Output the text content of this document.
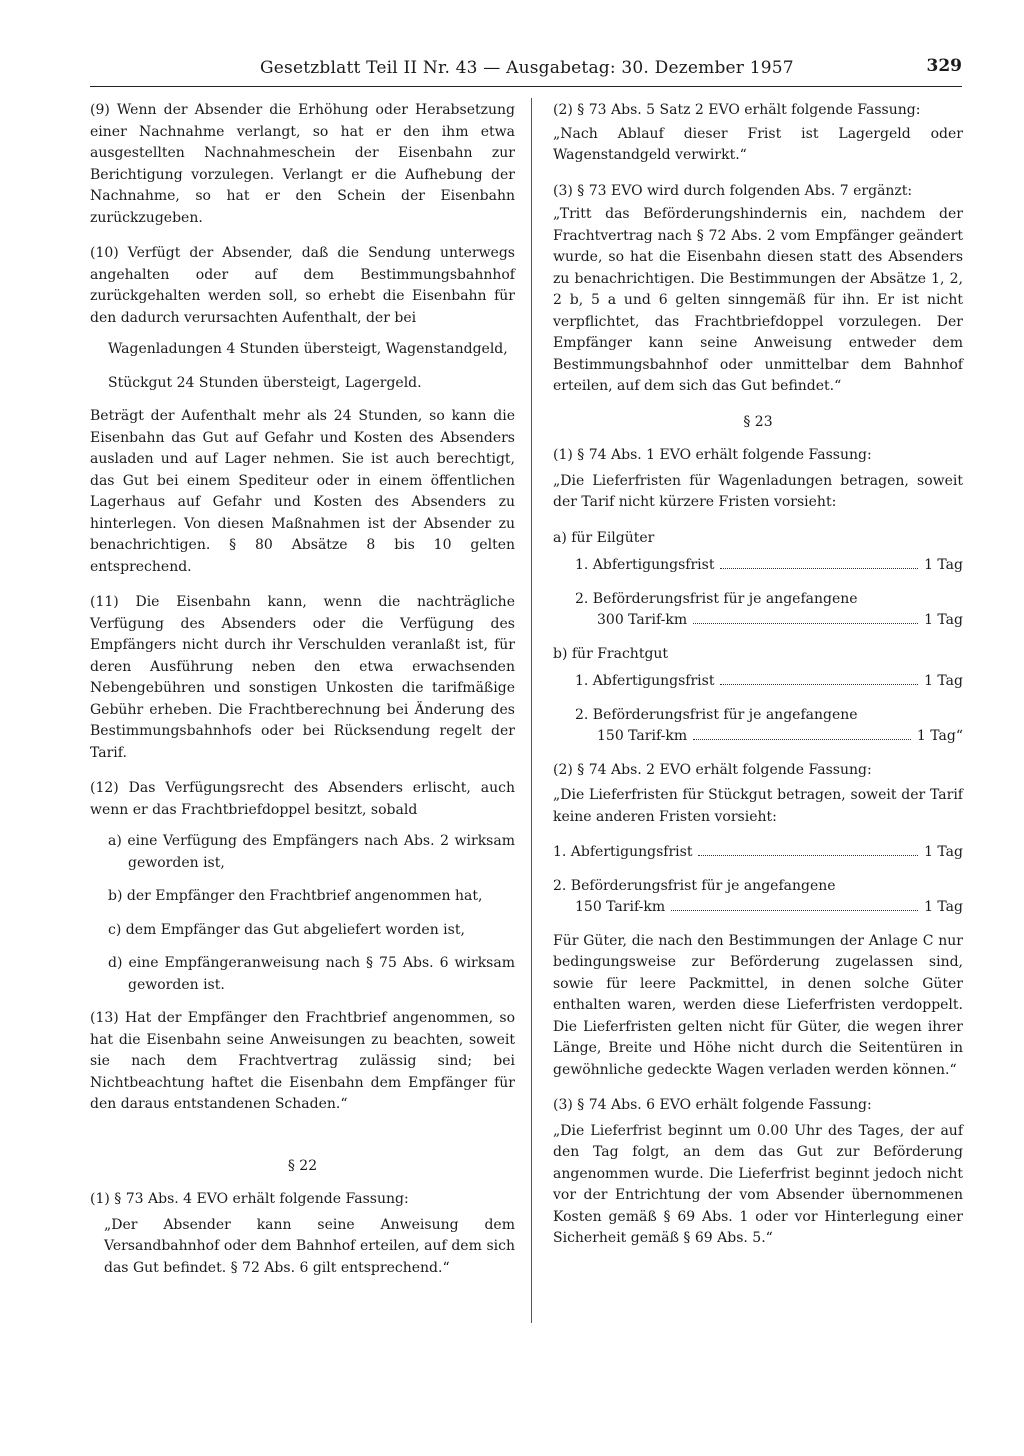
Gesetzblatt Teil II Nr. 43 — Ausgabetag: 30. Dezember 1957	329

(9) Wenn der Absender die Erhöhung oder Herabsetzung einer Nachnahme verlangt, so hat er den ihm etwa ausgestellten Nachnahmeschein der Eisenbahn zur Berichtigung vorzulegen. Verlangt er die Aufhebung der Nachnahme, so hat er den Schein der Eisenbahn zurückzugeben.

(10) Verfügt der Absender, daß die Sendung unterwegs angehalten oder auf dem Bestimmungsbahnhof zurückgehalten werden soll, so erhebt die Eisenbahn für den dadurch verursachten Aufenthalt, der bei

Wagenladungen 4 Stunden übersteigt, Wagenstandgeld,

Stückgut 24 Stunden übersteigt, Lagergeld.

Beträgt der Aufenthalt mehr als 24 Stunden, so kann die Eisenbahn das Gut auf Gefahr und Kosten des Absenders ausladen und auf Lager nehmen. Sie ist auch berechtigt, das Gut bei einem Spediteur oder in einem öffentlichen Lagerhaus auf Gefahr und Kosten des Absenders zu hinterlegen. Von diesen Maßnahmen ist der Absender zu benachrichtigen. § 80 Absätze 8 bis 10 gelten entsprechend.

(11) Die Eisenbahn kann, wenn die nachträgliche Verfügung des Absenders oder die Verfügung des Empfängers nicht durch ihr Verschulden veranlaßt ist, für deren Ausführung neben den etwa erwachsenden Nebengebühren und sonstigen Unkosten die tarifmäßige Gebühr erheben. Die Frachtberechnung bei Änderung des Bestimmungsbahnhofs oder bei Rücksendung regelt der Tarif.

(12) Das Verfügungsrecht des Absenders erlischt, auch wenn er das Frachtbriefdoppel besitzt, sobald

a) eine Verfügung des Empfängers nach Abs. 2 wirksam geworden ist,

b) der Empfänger den Frachtbrief angenommen hat,

c) dem Empfänger das Gut abgeliefert worden ist,

d) eine Empfängeranweisung nach § 75 Abs. 6 wirksam geworden ist.

(13) Hat der Empfänger den Frachtbrief angenommen, so hat die Eisenbahn seine Anweisungen zu beachten, soweit sie nach dem Frachtvertrag zulässig sind; bei Nichtbeachtung haftet die Eisenbahn dem Empfänger für den daraus entstandenen Schaden.“

§ 22

(1) § 73 Abs. 4 EVO erhält folgende Fassung:

„Der Absender kann seine Anweisung dem Versandbahnhof oder dem Bahnhof erteilen, auf dem sich das Gut befindet. § 72 Abs. 6 gilt entsprechend.“

(2) § 73 Abs. 5 Satz 2 EVO erhält folgende Fassung:

„Nach Ablauf dieser Frist ist Lagergeld oder Wagenstandgeld verwirkt.“

(3) § 73 EVO wird durch folgenden Abs. 7 ergänzt:

„Tritt das Beförderungshindernis ein, nachdem der Frachtvertrag nach § 72 Abs. 2 vom Empfänger geändert wurde, so hat die Eisenbahn diesen statt des Absenders zu benachrichtigen. Die Bestimmungen der Absätze 1, 2, 2 b, 5 a und 6 gelten sinngemäß für ihn. Er ist nicht verpflichtet, das Frachtbriefdoppel vorzulegen. Der Empfänger kann seine Anweisung entweder dem Bestimmungsbahnhof oder unmittelbar dem Bahnhof erteilen, auf dem sich das Gut befindet.“

§ 23

(1) § 74 Abs. 1 EVO erhält folgende Fassung:

„Die Lieferfristen für Wagenladungen betragen, soweit der Tarif nicht kürzere Fristen vorsieht:

a) für Eilgüter

1. Abfertigungsfrist	1 Tag
2. Beförderungsfrist für je angefangene
300 Tarif-km	1 Tag

b) für Frachtgut

1. Abfertigungsfrist	1 Tag
2. Beförderungsfrist für je angefangene
150 Tarif-km	1 Tag“

(2) § 74 Abs. 2 EVO erhält folgende Fassung:

„Die Lieferfristen für Stückgut betragen, soweit der Tarif keine anderen Fristen vorsieht:

1. Abfertigungsfrist	1 Tag
2. Beförderungsfrist für je angefangene
150 Tarif-km	1 Tag

Für Güter, die nach den Bestimmungen der Anlage C nur bedingungsweise zur Beförderung zugelassen sind, sowie für leere Packmittel, in denen solche Güter enthalten waren, werden diese Lieferfristen verdoppelt. Die Lieferfristen gelten nicht für Güter, die wegen ihrer Länge, Breite und Höhe nicht durch die Seitentüren in gewöhnliche gedeckte Wagen verladen werden können.“

(3) § 74 Abs. 6 EVO erhält folgende Fassung:

„Die Lieferfrist beginnt um 0.00 Uhr des Tages, der auf den Tag folgt, an dem das Gut zur Beförderung angenommen wurde. Die Lieferfrist beginnt jedoch nicht vor der Entrichtung der vom Absender übernommenen Kosten gemäß § 69 Abs. 1 oder vor Hinterlegung einer Sicherheit gemäß § 69 Abs. 5.“
